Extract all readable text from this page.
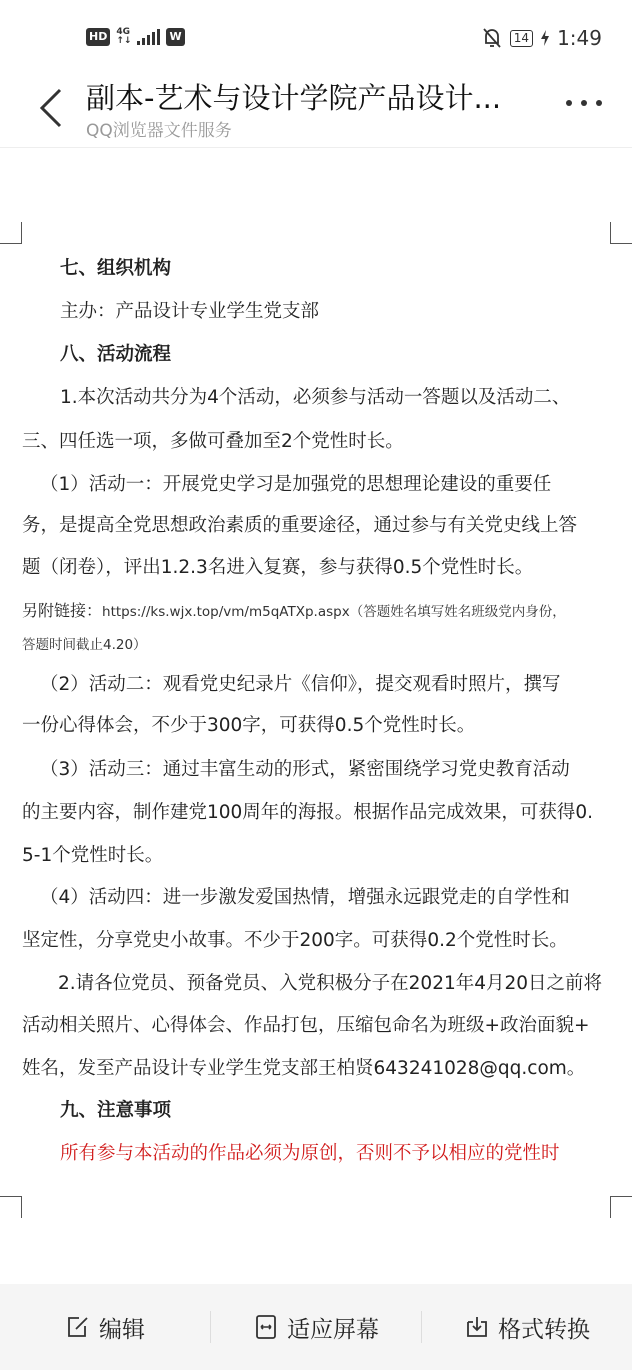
HD	4G
↑↓	W	14 1:49
副本-艺术与设计学院产品设计...
QQ浏览器文件服务
七、组织机构
主办：产品设计专业学生党支部
八、活动流程
1.本次活动共分为4个活动，必须参与活动一答题以及活动二、
三、四任选一项，多做可叠加至2个党性时长。
（1）活动一：开展党史学习是加强党的思想理论建设的重要任
务，是提高全党思想政治素质的重要途径，通过参与有关党史线上答
题（闭卷），评出1.2.3名进入复赛，参与获得0.5个党性时长。
另附链接：https://ks.wjx.top/vm/m5qATXp.aspx（答题姓名填写姓名班级党内身份，
答题时间截止4.20）
（2）活动二：观看党史纪录片《信仰》，提交观看时照片，撰写
一份心得体会，不少于300字，可获得0.5个党性时长。
（3）活动三：通过丰富生动的形式，紧密围绕学习党史教育活动
的主要内容，制作建党100周年的海报。根据作品完成效果，可获得0.
5-1个党性时长。
（4）活动四：进一步激发爱国热情，增强永远跟党走的自学性和
坚定性，分享党史小故事。不少于200字。可获得0.2个党性时长。
2.请各位党员、预备党员、入党积极分子在2021年4月20日之前将
活动相关照片、心得体会、作品打包，压缩包命名为班级+政治面貌+
姓名，发至产品设计专业学生党支部王柏贤643241028@qq.com。
九、注意事项
所有参与本活动的作品必须为原创，否则不予以相应的党性时
编辑	适应屏幕	格式转换
